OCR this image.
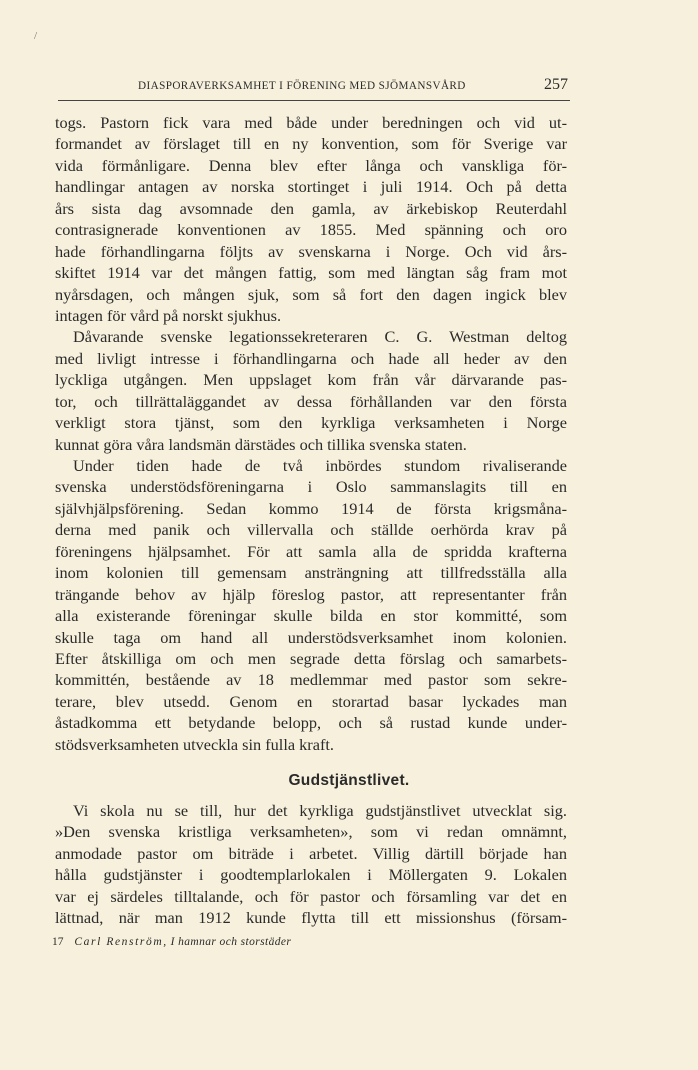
/
DIASPORAVERKSAMHET I FÖRENING MED SJÖMANSVÅRD	257
togs. Pastorn fick vara med både under beredningen och vid ut-
formandet av förslaget till en ny konvention, som för Sverige var
vida förmånligare. Denna blev efter långa och vanskliga för-
handlingar antagen av norska stortinget i juli 1914. Och på detta
års sista dag avsomnade den gamla, av ärkebiskop Reuterdahl
contrasignerade konventionen av 1855. Med spänning och oro
hade förhandlingarna följts av svenskarna i Norge. Och vid års-
skiftet 1914 var det mången fattig, som med längtan såg fram mot
nyårsdagen, och mången sjuk, som så fort den dagen ingick blev
intagen för vård på norskt sjukhus.
Dåvarande svenske legationssekreteraren C. G. Westman deltog
med livligt intresse i förhandlingarna och hade all heder av den
lyckliga utgången. Men uppslaget kom från vår därvarande pas-
tor, och tillrättaläggandet av dessa förhållanden var den första
verkligt stora tjänst, som den kyrkliga verksamheten i Norge
kunnat göra våra landsmän därstädes och tillika svenska staten.
Under tiden hade de två inbördes stundom rivaliserande
svenska understödsföreningarna i Oslo sammanslagits till en
självhjälpsförening. Sedan kommo 1914 de första krigsmåna-
derna med panik och villervalla och ställde oerhörda krav på
föreningens hjälpsamhet. För att samla alla de spridda krafterna
inom kolonien till gemensam ansträngning att tillfredsställa alla
trängande behov av hjälp föreslog pastor, att representanter från
alla existerande föreningar skulle bilda en stor kommitté, som
skulle taga om hand all understödsverksamhet inom kolonien.
Efter åtskilliga om och men segrade detta förslag och samarbets-
kommittén, bestående av 18 medlemmar med pastor som sekre-
terare, blev utsedd. Genom en storartad basar lyckades man
åstadkomma ett betydande belopp, och så rustad kunde under-
stödsverksamheten utveckla sin fulla kraft.
Gudstjänstlivet.
Vi skola nu se till, hur det kyrkliga gudstjänstlivet utvecklat sig.
»Den svenska kristliga verksamheten», som vi redan omnämnt,
anmodade pastor om biträde i arbetet. Villig därtill började han
hålla gudstjänster i goodtemplarlokalen i Möllergaten 9. Lokalen
var ej särdeles tilltalande, och för pastor och församling var det en
lättnad, när man 1912 kunde flytta till ett missionshus (försam-
17 Carl Renström, I hamnar och storstäder
